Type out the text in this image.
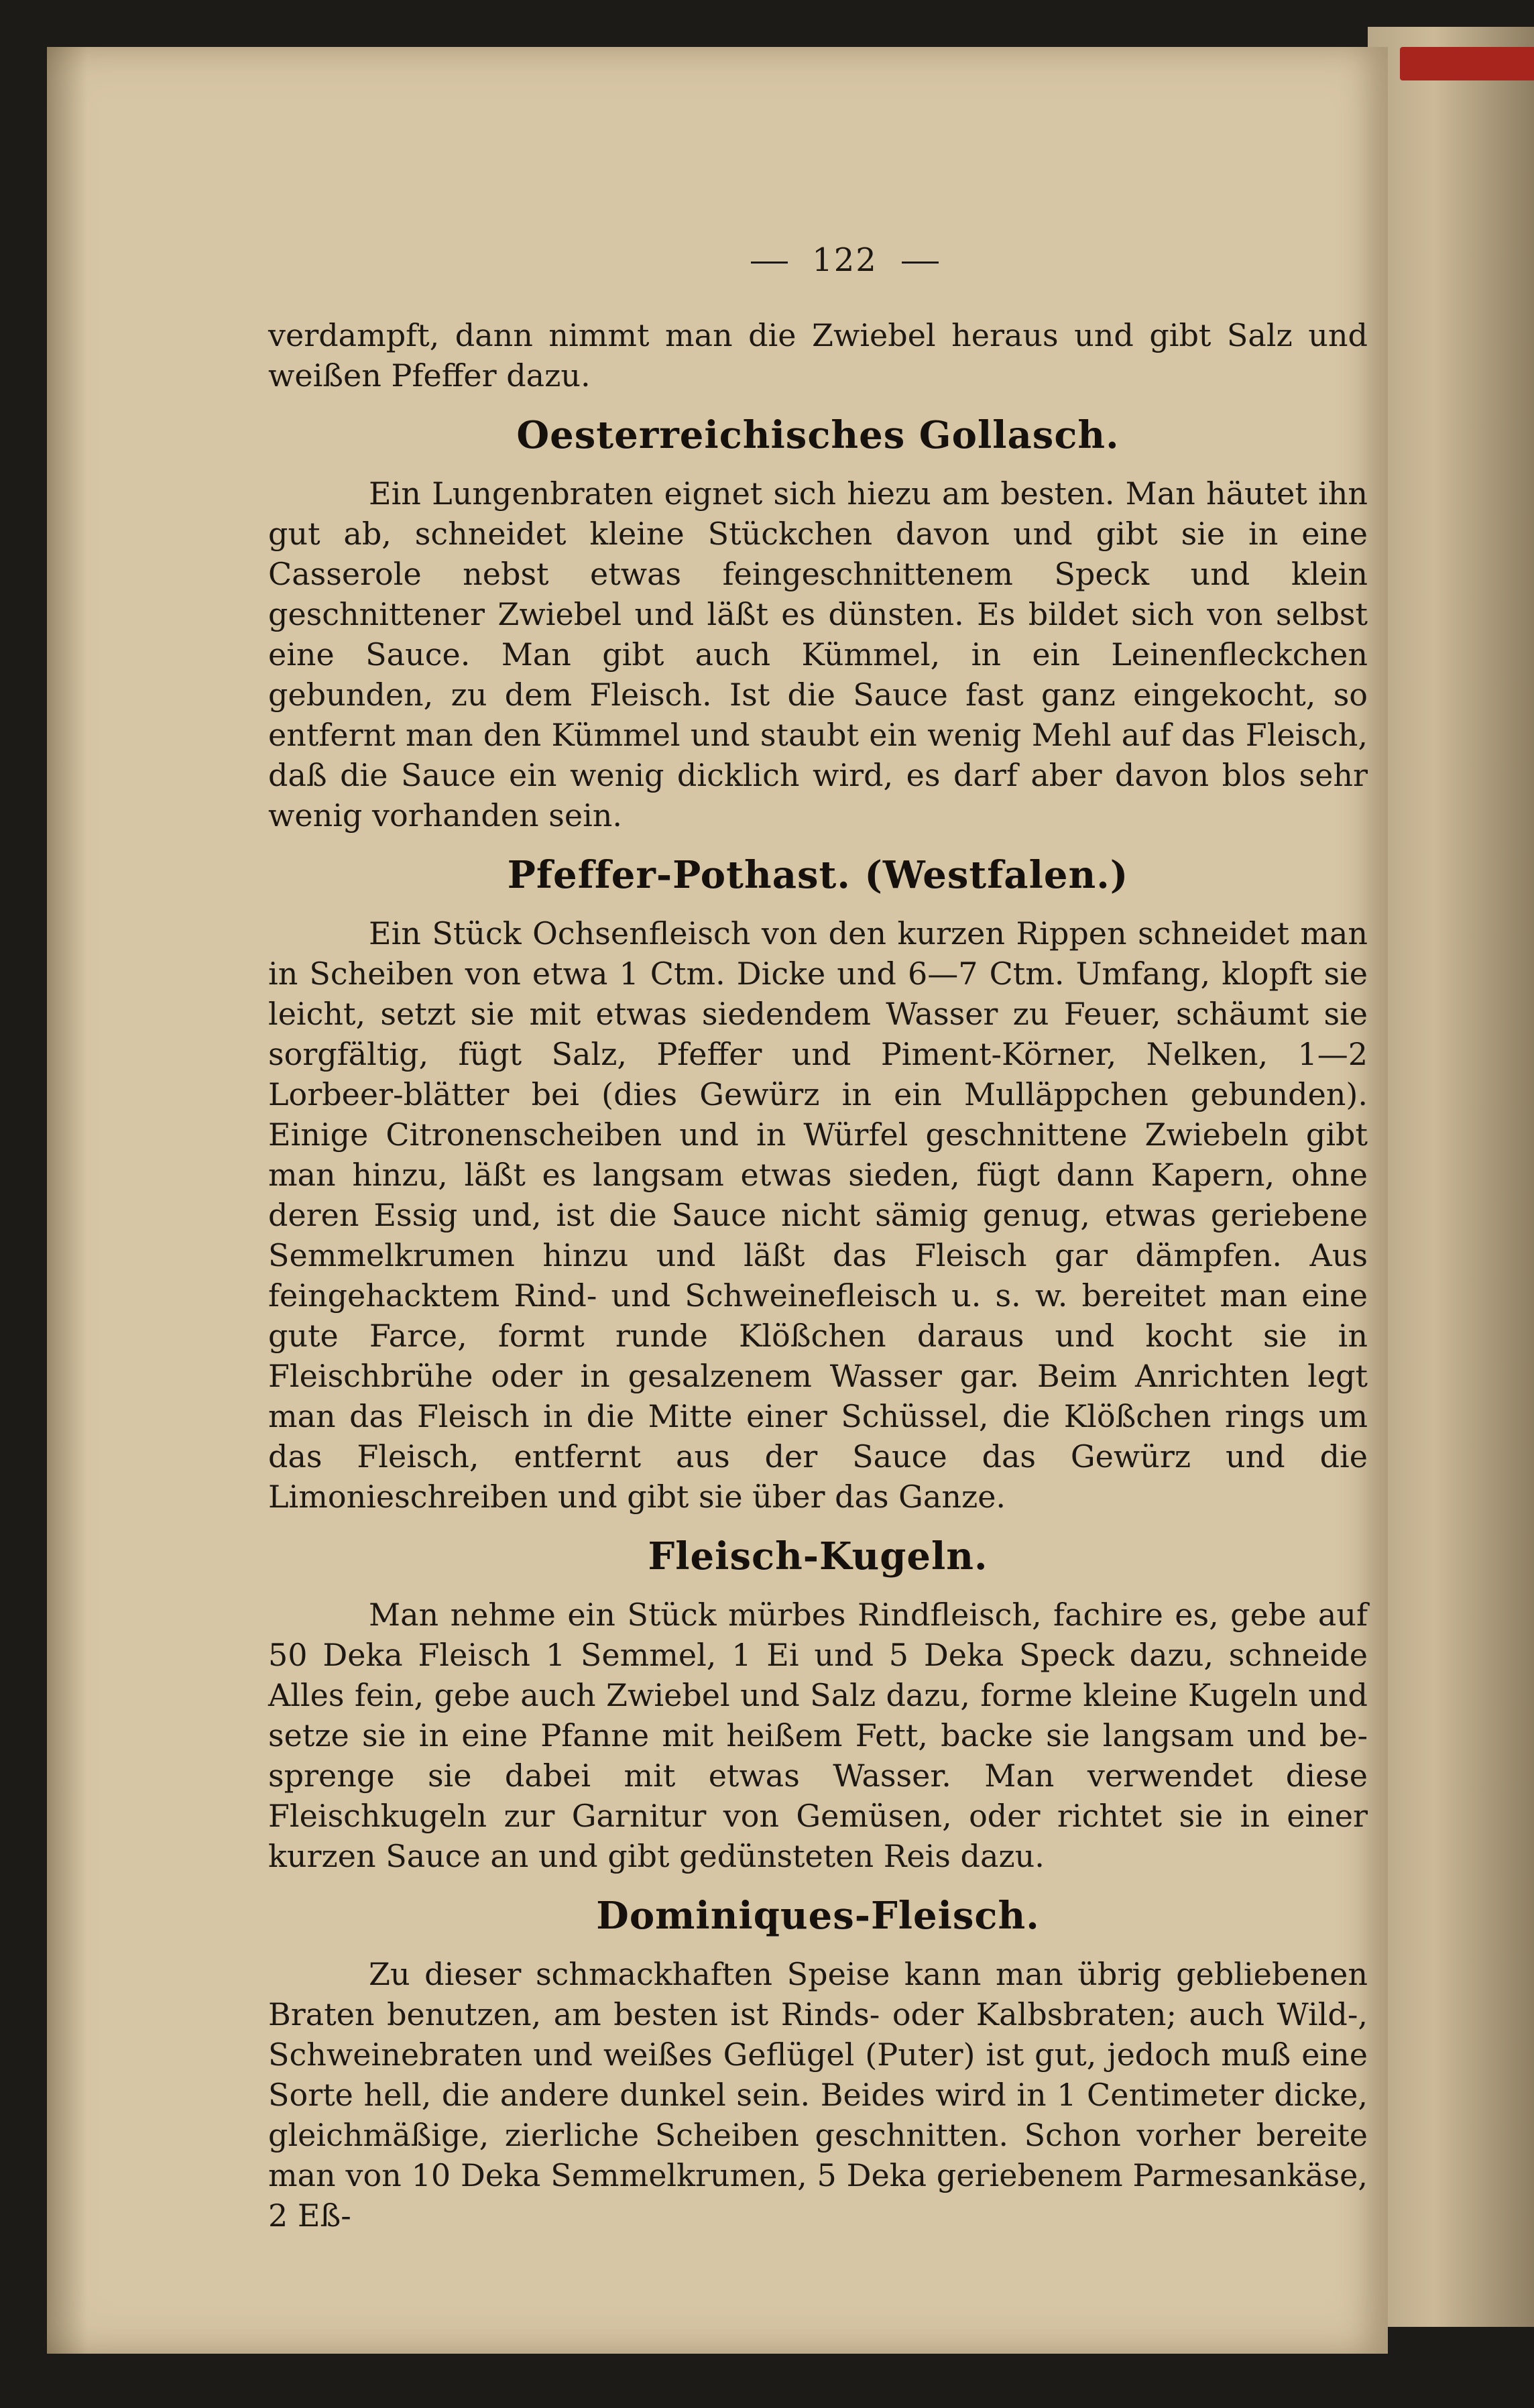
122

verdampft, dann nimmt man die Zwiebel heraus und gibt Salz und weißen Pfeffer dazu.

Oesterreichisches Gollasch.

Ein Lungenbraten eignet sich hiezu am besten. Man häutet ihn gut ab, schneidet kleine Stückchen davon und gibt sie in eine Casserole nebst etwas feingeschnittenem Speck und klein geschnittener Zwiebel und läßt es dünsten. Es bildet sich von selbst eine Sauce. Man gibt auch Kümmel, in ein Leinenfleckchen gebunden, zu dem Fleisch. Ist die Sauce fast ganz eingekocht, so entfernt man den Kümmel und staubt ein wenig Mehl auf das Fleisch, daß die Sauce ein wenig dicklich wird, es darf aber davon blos sehr wenig vorhanden sein.

Pfeffer-Pothast. (Westfalen.)

Ein Stück Ochsenfleisch von den kurzen Rippen schneidet man in Scheiben von etwa 1 Ctm. Dicke und 6—7 Ctm. Umfang, klopft sie leicht, setzt sie mit etwas siedendem Wasser zu Feuer, schäumt sie sorgfältig, fügt Salz, Pfeffer und Piment-Körner, Nelken, 1—2 Lorbeer-blätter bei (dies Gewürz in ein Mulläppchen gebunden). Einige Citronenscheiben und in Würfel geschnittene Zwiebeln gibt man hinzu, läßt es langsam etwas sieden, fügt dann Kapern, ohne deren Essig und, ist die Sauce nicht sämig genug, etwas geriebene Semmelkrumen hinzu und läßt das Fleisch gar dämpfen. Aus feingehacktem Rind- und Schweinefleisch u. s. w. bereitet man eine gute Farce, formt runde Klößchen daraus und kocht sie in Fleischbrühe oder in gesalzenem Wasser gar. Beim Anrichten legt man das Fleisch in die Mitte einer Schüssel, die Klößchen rings um das Fleisch, entfernt aus der Sauce das Gewürz und die Limonieschreiben und gibt sie über das Ganze.

Fleisch-Kugeln.

Man nehme ein Stück mürbes Rindfleisch, fachire es, gebe auf 50 Deka Fleisch 1 Semmel, 1 Ei und 5 Deka Speck dazu, schneide Alles fein, gebe auch Zwiebel und Salz dazu, forme kleine Kugeln und setze sie in eine Pfanne mit heißem Fett, backe sie langsam und be-sprenge sie dabei mit etwas Wasser. Man verwendet diese Fleischkugeln zur Garnitur von Gemüsen, oder richtet sie in einer kurzen Sauce an und gibt gedünsteten Reis dazu.

Dominiques-Fleisch.

Zu dieser schmackhaften Speise kann man übrig gebliebenen Braten benutzen, am besten ist Rinds- oder Kalbsbraten; auch Wild-, Schweinebraten und weißes Geflügel (Puter) ist gut, jedoch muß eine Sorte hell, die andere dunkel sein. Beides wird in 1 Centimeter dicke, gleichmäßige, zierliche Scheiben geschnitten. Schon vorher bereite man von 10 Deka Semmelkrumen, 5 Deka geriebenem Parmesankäse, 2 Eß-
